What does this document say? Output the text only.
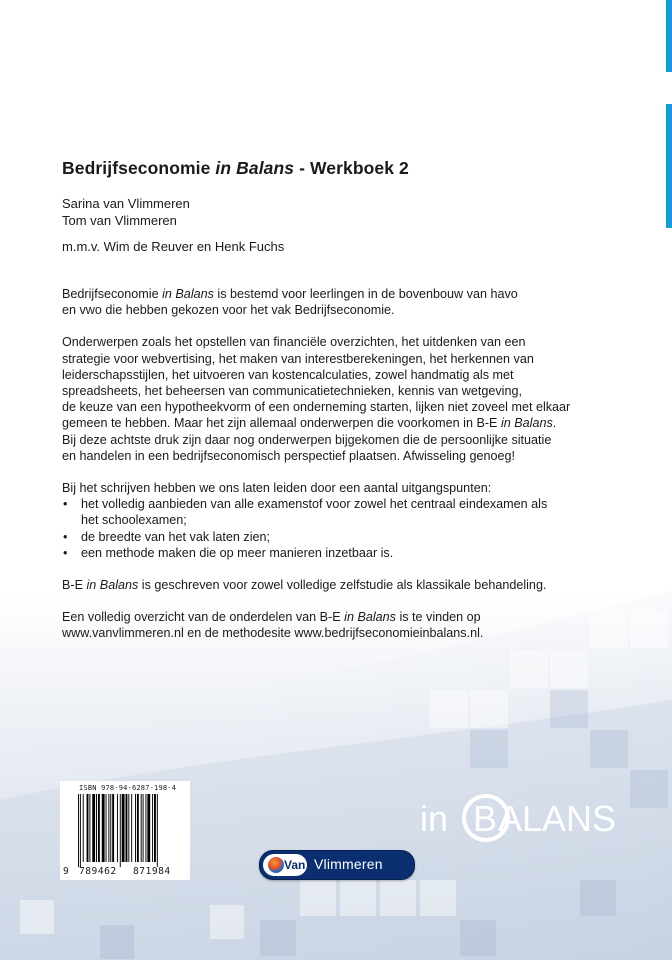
Bedrijfseconomie in Balans - Werkboek 2
Sarina van Vlimmeren
Tom van Vlimmeren
m.m.v. Wim de Reuver en Henk Fuchs

Bedrijfseconomie in Balans is bestemd voor leerlingen in de bovenbouw van havo
en vwo die hebben gekozen voor het vak Bedrijfseconomie.

Onderwerpen zoals het opstellen van financiële overzichten, het uitdenken van een
strategie voor webvertising, het maken van interestberekeningen, het herkennen van
leiderschapsstijlen, het uitvoeren van kostencalculaties, zowel handmatig als met
spreadsheets, het beheersen van communicatietechnieken, kennis van wetgeving,
de keuze van een hypotheekvorm of een onderneming starten, lijken niet zoveel met elkaar
gemeen te hebben. Maar het zijn allemaal onderwerpen die voorkomen in B-E in Balans.
Bij deze achtste druk zijn daar nog onderwerpen bijgekomen die de persoonlijke situatie
en handelen in een bedrijfseconomisch perspectief plaatsen. Afwisseling genoeg!

Bij het schrijven hebben we ons laten leiden door een aantal uitgangspunten:
• het volledig aanbieden van alle examenstof voor zowel het centraal eindexamen als
het schoolexamen;
• de breedte van het vak laten zien;
• een methode maken die op meer manieren inzetbaar is.

B-E in Balans is geschreven voor zowel volledige zelfstudie als klassikale behandeling.

Een volledig overzicht van de onderdelen van B-E in Balans is te vinden op
www.vanvlimmeren.nl en de methodesite www.bedrijfseconomieinbalans.nl.

ISBN 978-94-6287-198-4
9	789462	871984
in B ALANS
Van Vlimmeren
